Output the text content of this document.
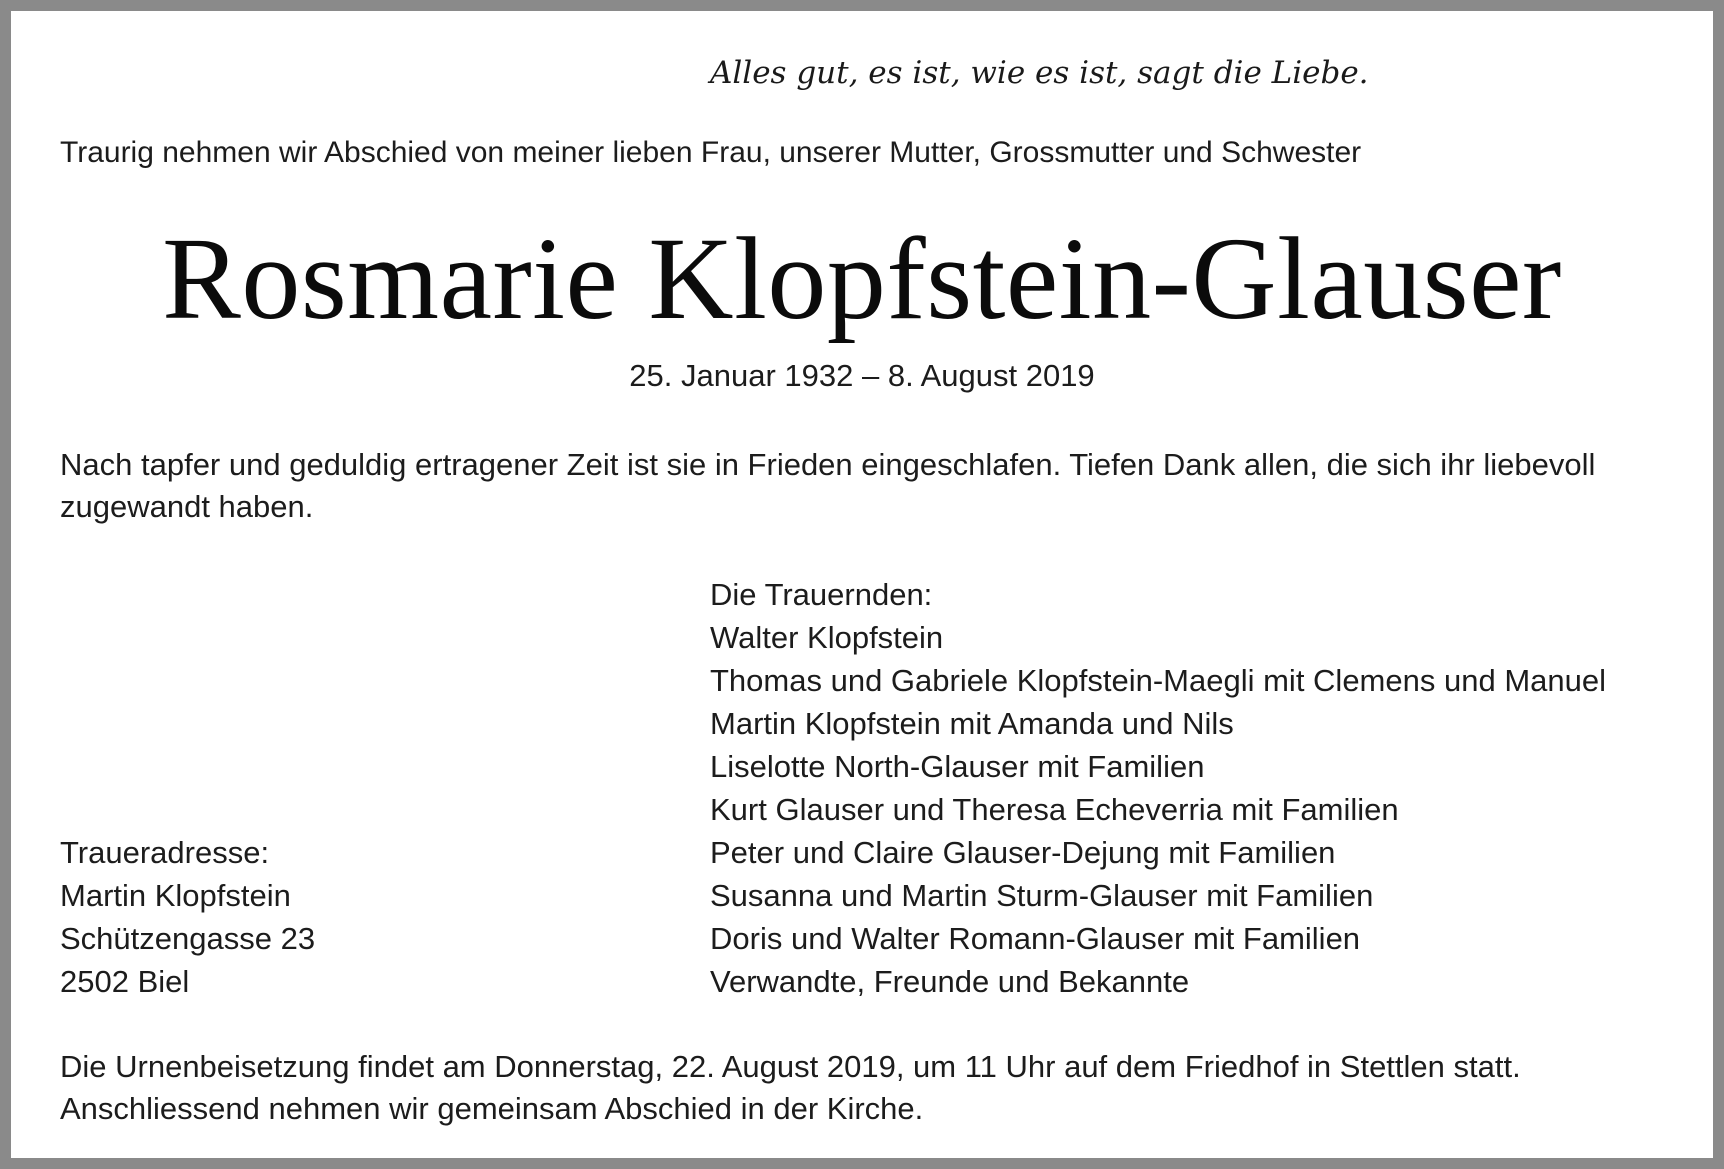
Alles gut, es ist, wie es ist, sagt die Liebe.
Traurig nehmen wir Abschied von meiner lieben Frau, unserer Mutter, Grossmutter und Schwester
Rosmarie Klopfstein-Glauser
25. Januar 1932 – 8. August 2019
Nach tapfer und geduldig ertragener Zeit ist sie in Frieden eingeschlafen. Tiefen Dank allen, die sich ihr liebevoll zugewandt haben.
Die Trauernden:
Walter Klopfstein
Thomas und Gabriele Klopfstein-Maegli mit Clemens und Manuel
Martin Klopfstein mit Amanda und Nils
Liselotte North-Glauser mit Familien
Kurt Glauser und Theresa Echeverria mit Familien
Peter und Claire Glauser-Dejung mit Familien
Susanna und Martin Sturm-Glauser mit Familien
Doris und Walter Romann-Glauser mit Familien
Verwandte, Freunde und Bekannte
Traueradresse:
Martin Klopfstein
Schützengasse 23
2502 Biel
Die Urnenbeisetzung findet am Donnerstag, 22. August 2019, um 11 Uhr auf dem Friedhof in Stettlen statt. Anschliessend nehmen wir gemeinsam Abschied in der Kirche.
